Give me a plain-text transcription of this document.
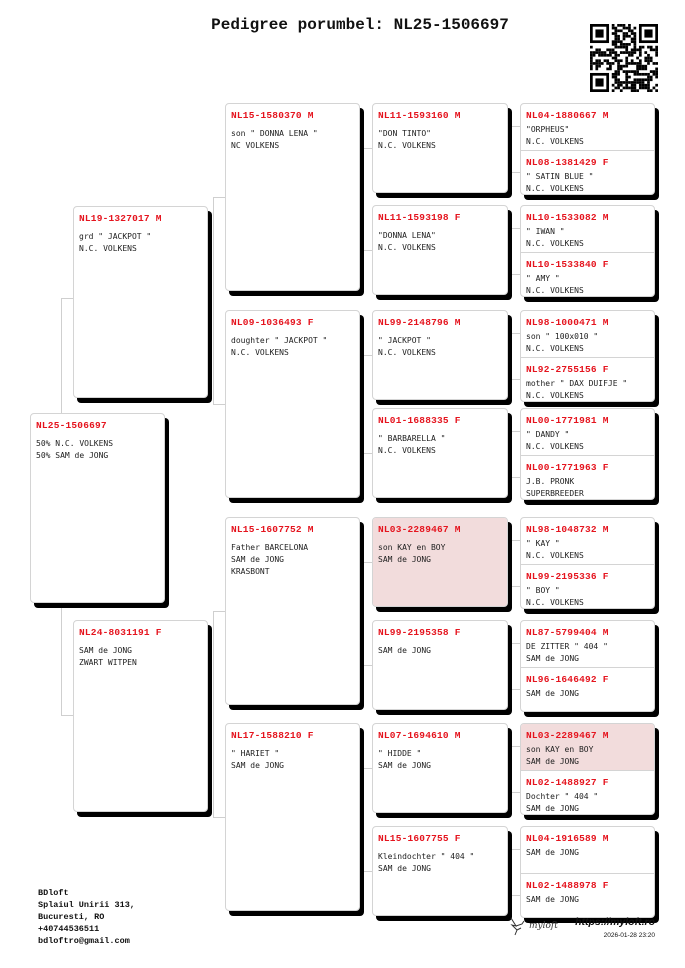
Pedigree porumbel: NL25-1506697
NL25-1506697
50% N.C. VOLKENS
50% SAM de JONG
NL19-1327017 M
grd " JACKPOT "
N.C. VOLKENS
NL24-8031191 F
SAM de JONG
ZWART WITPEN
NL15-1580370 M
son " DONNA LENA "
NC VOLKENS
NL09-1036493 F
doughter " JACKPOT "
N.C. VOLKENS
NL15-1607752 M
Father BARCELONA
SAM de JONG
KRASBONT
NL17-1588210 F
" HARIET "
SAM de JONG
NL11-1593160 M
"DON TINTO"
N.C. VOLKENS
NL11-1593198 F
"DONNA LENA"
N.C. VOLKENS
NL99-2148796 M
" JACKPOT "
N.C. VOLKENS
NL01-1688335 F
" BARBARELLA "
N.C. VOLKENS
NL03-2289467 M
son KAY en BOY
SAM de JONG
NL99-2195358 F
SAM de JONG
NL07-1694610 M
" HIDDE "
SAM de JONG
NL15-1607755 F
Kleindochter " 404 "
SAM de JONG
NL04-1880667 M
"ORPHEUS"
N.C. VOLKENS
NL08-1381429 F
" SATIN BLUE "
N.C. VOLKENS
NL10-1533082 M
" IWAN "
N.C. VOLKENS
NL10-1533840 F
" AMY "
N.C. VOLKENS
NL98-1000471 M
son " 100x010 "
N.C. VOLKENS
NL92-2755156 F
mother " DAX DUIFJE "
N.C. VOLKENS
NL00-1771981 M
" DANDY "
N.C. VOLKENS
NL00-1771963 F
J.B. PRONK
SUPERBREEDER
NL98-1048732 M
" KAY "
N.C. VOLKENS
NL99-2195336 F
" BOY "
N.C. VOLKENS
NL87-5799404 M
DE ZITTER " 404 "
SAM de JONG
NL96-1646492 F
SAM de JONG
NL03-2289467 M
son KAY en BOY
SAM de JONG
NL02-1488927 F
Dochter " 404 "
SAM de JONG
NL04-1916589 M
SAM de JONG
NL02-1488978 F
SAM de JONG
BDloft
Splaiul Unirii 313,
Bucuresti, RO
+40744536511
bdloftro@gmail.com
myloft https://myloft.ro
2026-01-28 23:20
